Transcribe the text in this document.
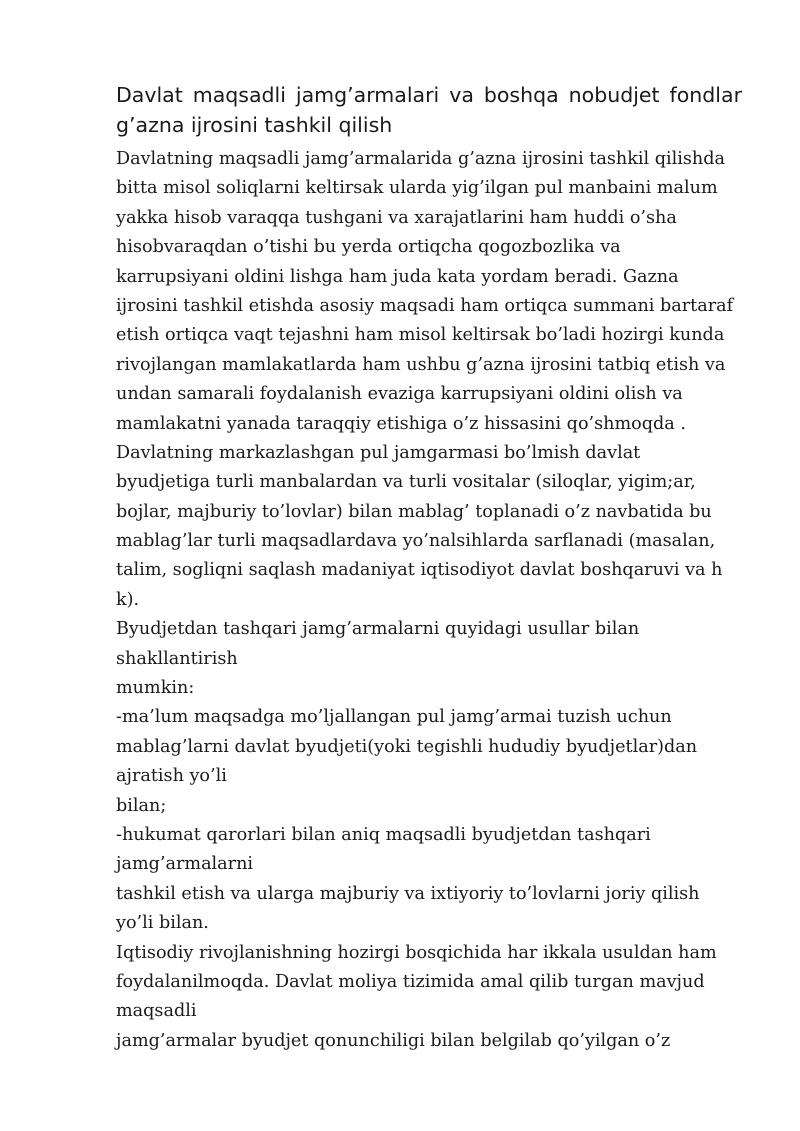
Davlat maqsadli jamg’armalari va boshqa nobudjet fondlar
g’azna ijrosini tashkil qilish
Davlatning maqsadli jamg’armalarida g’azna ijrosini tashkil qilishda
bitta misol soliqlarni keltirsak ularda yig’ilgan pul manbaini malum
yakka hisob varaqqa tushgani va xarajatlarini ham huddi o’sha
hisobvaraqdan o’tishi bu yerda ortiqcha qogozbozlika va
karrupsiyani oldini lishga ham juda kata yordam beradi. Gazna
ijrosini tashkil etishda asosiy maqsadi ham ortiqca summani bartaraf
etish ortiqca vaqt tejashni ham misol keltirsak bo’ladi hozirgi kunda
rivojlangan mamlakatlarda ham ushbu g’azna ijrosini tatbiq etish va
undan samarali foydalanish evaziga karrupsiyani oldini olish va
mamlakatni yanada taraqqiy etishiga o’z hissasini qo’shmoqda .
Davlatning markazlashgan pul jamgarmasi bo’lmish davlat
byudjetiga turli manbalardan va turli vositalar (siloqlar, yigim;ar,
bojlar, majburiy to’lovlar) bilan mablag’ toplanadi o’z navbatida bu
mablag’lar turli maqsadlardava yo’nalsihlarda sarflanadi (masalan,
talim, sogliqni saqlash madaniyat iqtisodiyot davlat boshqaruvi va h
k).
Byudjetdan tashqari jamg’armalarni quyidagi usullar bilan
shakllantirish
mumkin:
-ma’lum maqsadga mo’ljallangan pul jamg’armai tuzish uchun
mablag’larni davlat byudjeti(yoki tegishli hududiy byudjetlar)dan
ajratish yo’li
bilan;
-hukumat qarorlari bilan aniq maqsadli byudjetdan tashqari
jamg’armalarni
tashkil etish va ularga majburiy va ixtiyoriy to’lovlarni joriy qilish
yo’li bilan.
Iqtisodiy rivojlanishning hozirgi bosqichida har ikkala usuldan ham
foydalanilmoqda. Davlat moliya tizimida amal qilib turgan mavjud
maqsadli
jamg’armalar byudjet qonunchiligi bilan belgilab qo’yilgan o’z
